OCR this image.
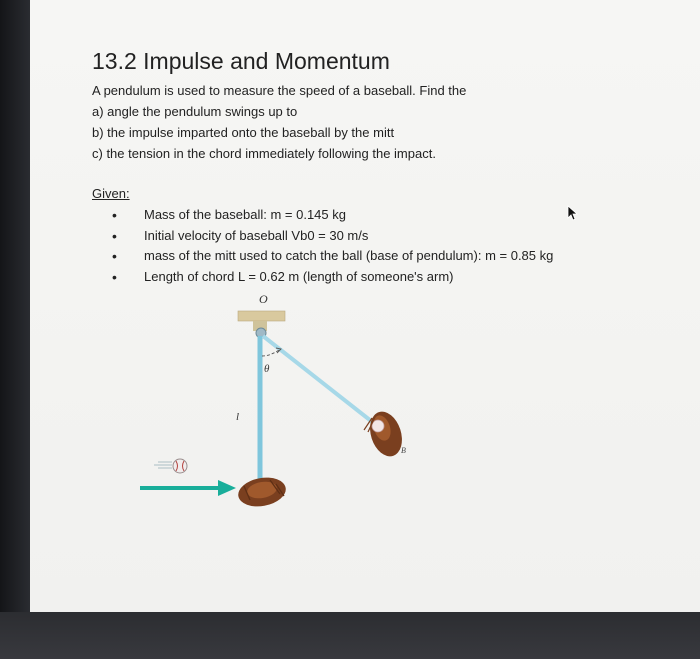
13.2 Impulse and Momentum
A pendulum is used to measure the speed of a baseball. Find the
a) angle the pendulum swings up to
b) the impulse imparted onto the baseball by the mitt
c) the tension in the chord immediately following the impact.
Given:
• Mass of the baseball: m = 0.145 kg
• Initial velocity of baseball Vb0 = 30 m/s
• mass of the mitt used to catch the ball (base of pendulum): m = 0.85 kg
• Length of chord L = 0.62 m (length of someone's arm)
O
θ
l
B
